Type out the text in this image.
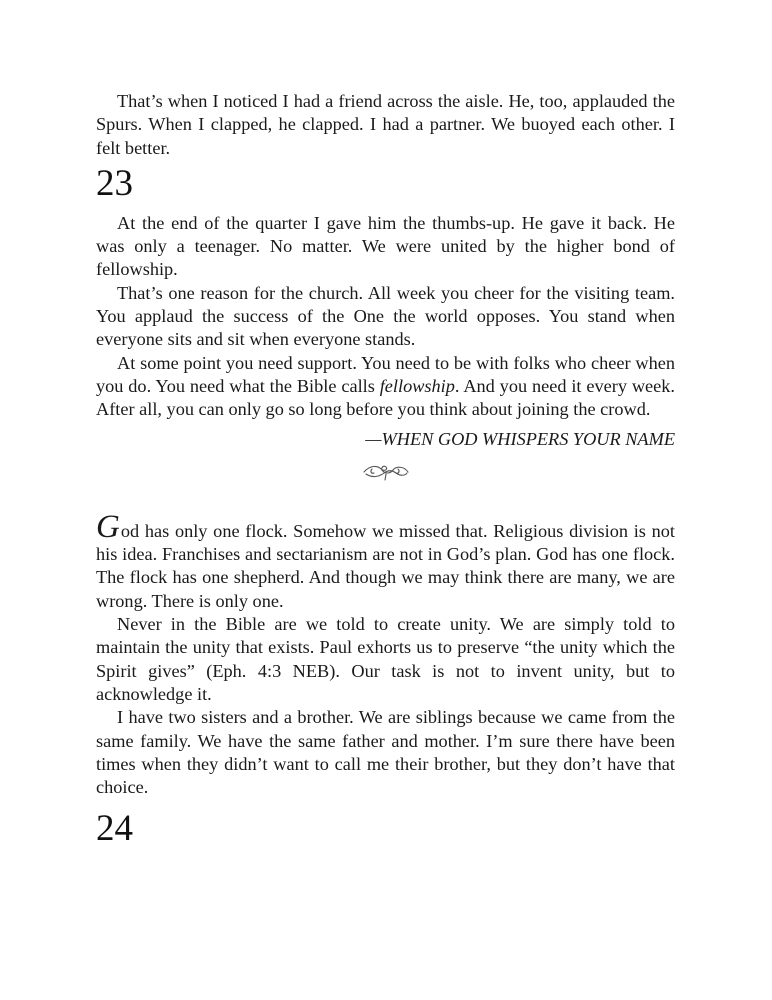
That’s when I noticed I had a friend across the aisle. He, too, applauded the Spurs. When I clapped, he clapped. I had a partner. We buoyed each other. I felt better.

23

At the end of the quarter I gave him the thumbs-up. He gave it back. He was only a teenager. No matter. We were united by the higher bond of fellowship.

That’s one reason for the church. All week you cheer for the visiting team. You applaud the success of the One the world opposes. You stand when everyone sits and sit when everyone stands.

At some point you need support. You need to be with folks who cheer when you do. You need what the Bible calls fellowship. And you need it every week. After all, you can only go so long before you think about joining the crowd.

—WHEN GOD WHISPERS YOUR NAME

God has only one flock. Somehow we missed that. Religious division is not his idea. Franchises and sectarianism are not in God’s plan. God has one flock. The flock has one shepherd. And though we may think there are many, we are wrong. There is only one.

Never in the Bible are we told to create unity. We are simply told to maintain the unity that exists. Paul exhorts us to preserve “the unity which the Spirit gives” (Eph. 4:3 NEB). Our task is not to invent unity, but to acknowledge it.

I have two sisters and a brother. We are siblings because we came from the same family. We have the same father and mother. I’m sure there have been times when they didn’t want to call me their brother, but they don’t have that choice.

24
